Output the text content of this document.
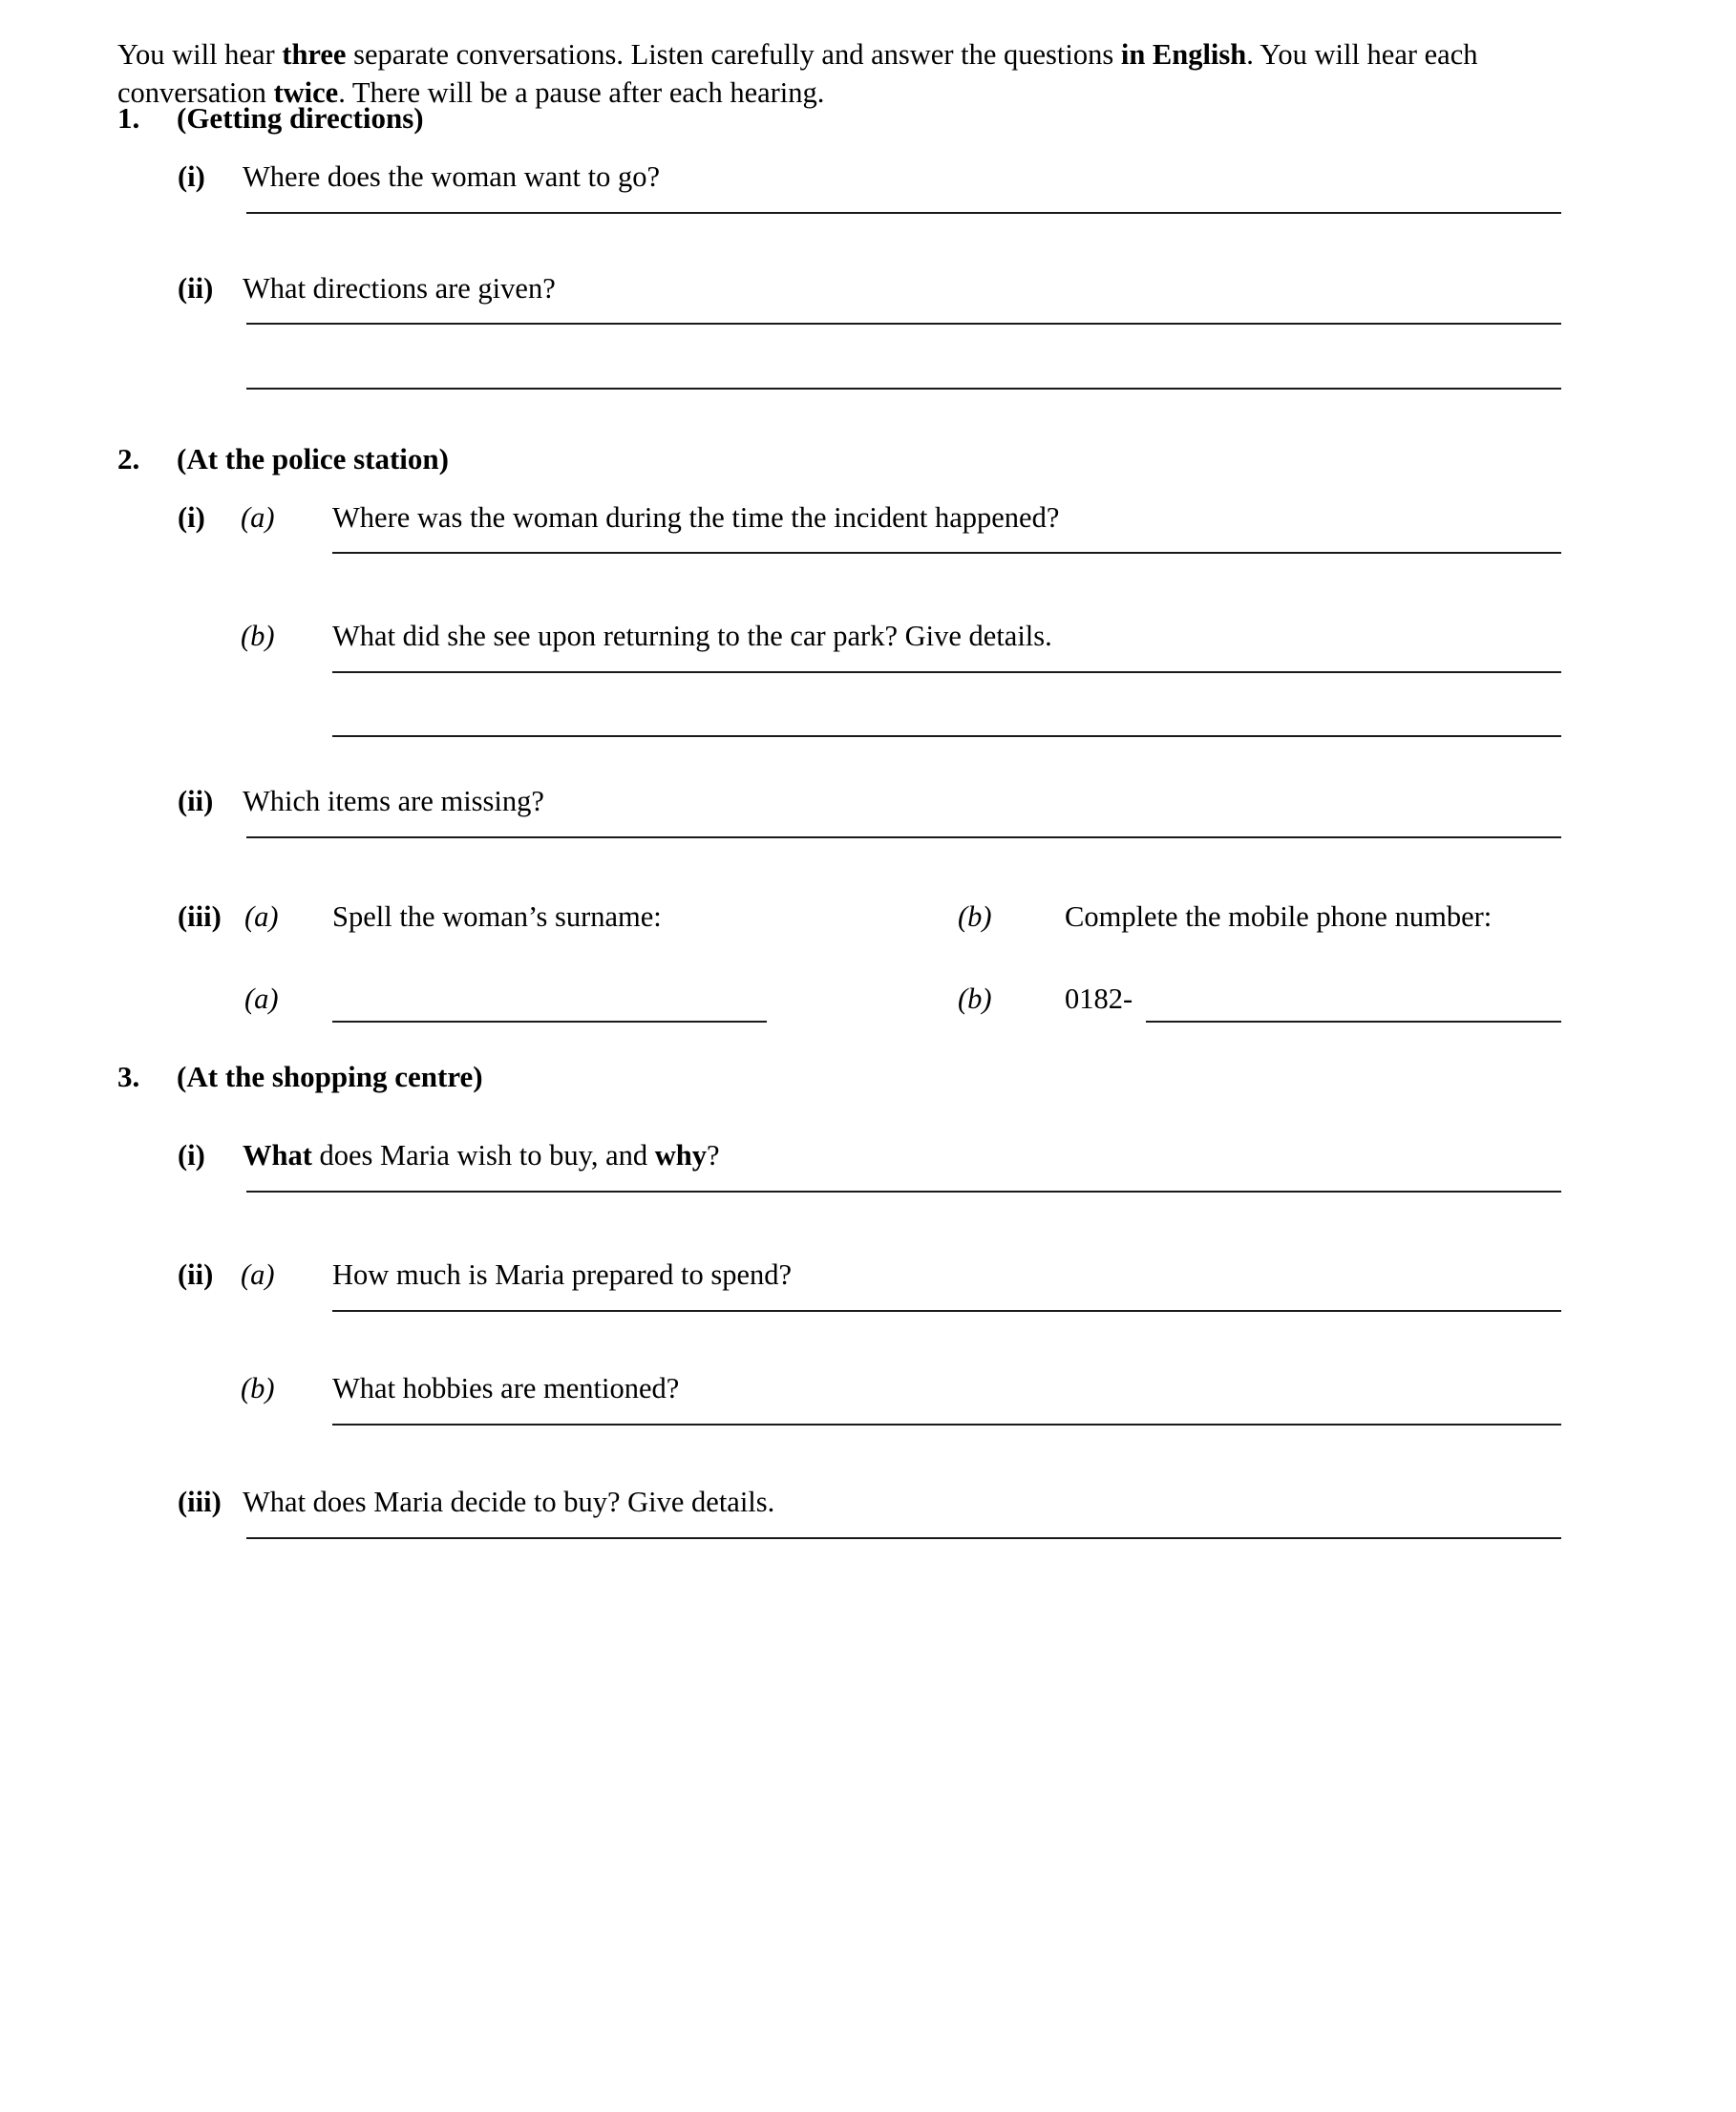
You will hear three separate conversations. Listen carefully and answer the questions in English. You will hear each conversation twice. There will be a pause after each hearing.

1. (Getting directions)
(i) Where does the woman want to go?
(ii) What directions are given?
2. (At the police station)
(i) (a) Where was the woman during the time the incident happened?
(b) What did she see upon returning to the car park? Give details.
(ii) Which items are missing?
(iii) (a) Spell the woman’s surname:	(b)	Complete the mobile phone number:
(a)	(b)	0182-
3. (At the shopping centre)
(i) What does Maria wish to buy, and why?
(ii) (a) How much is Maria prepared to spend?
(b) What hobbies are mentioned?
(iii) What does Maria decide to buy? Give details.
